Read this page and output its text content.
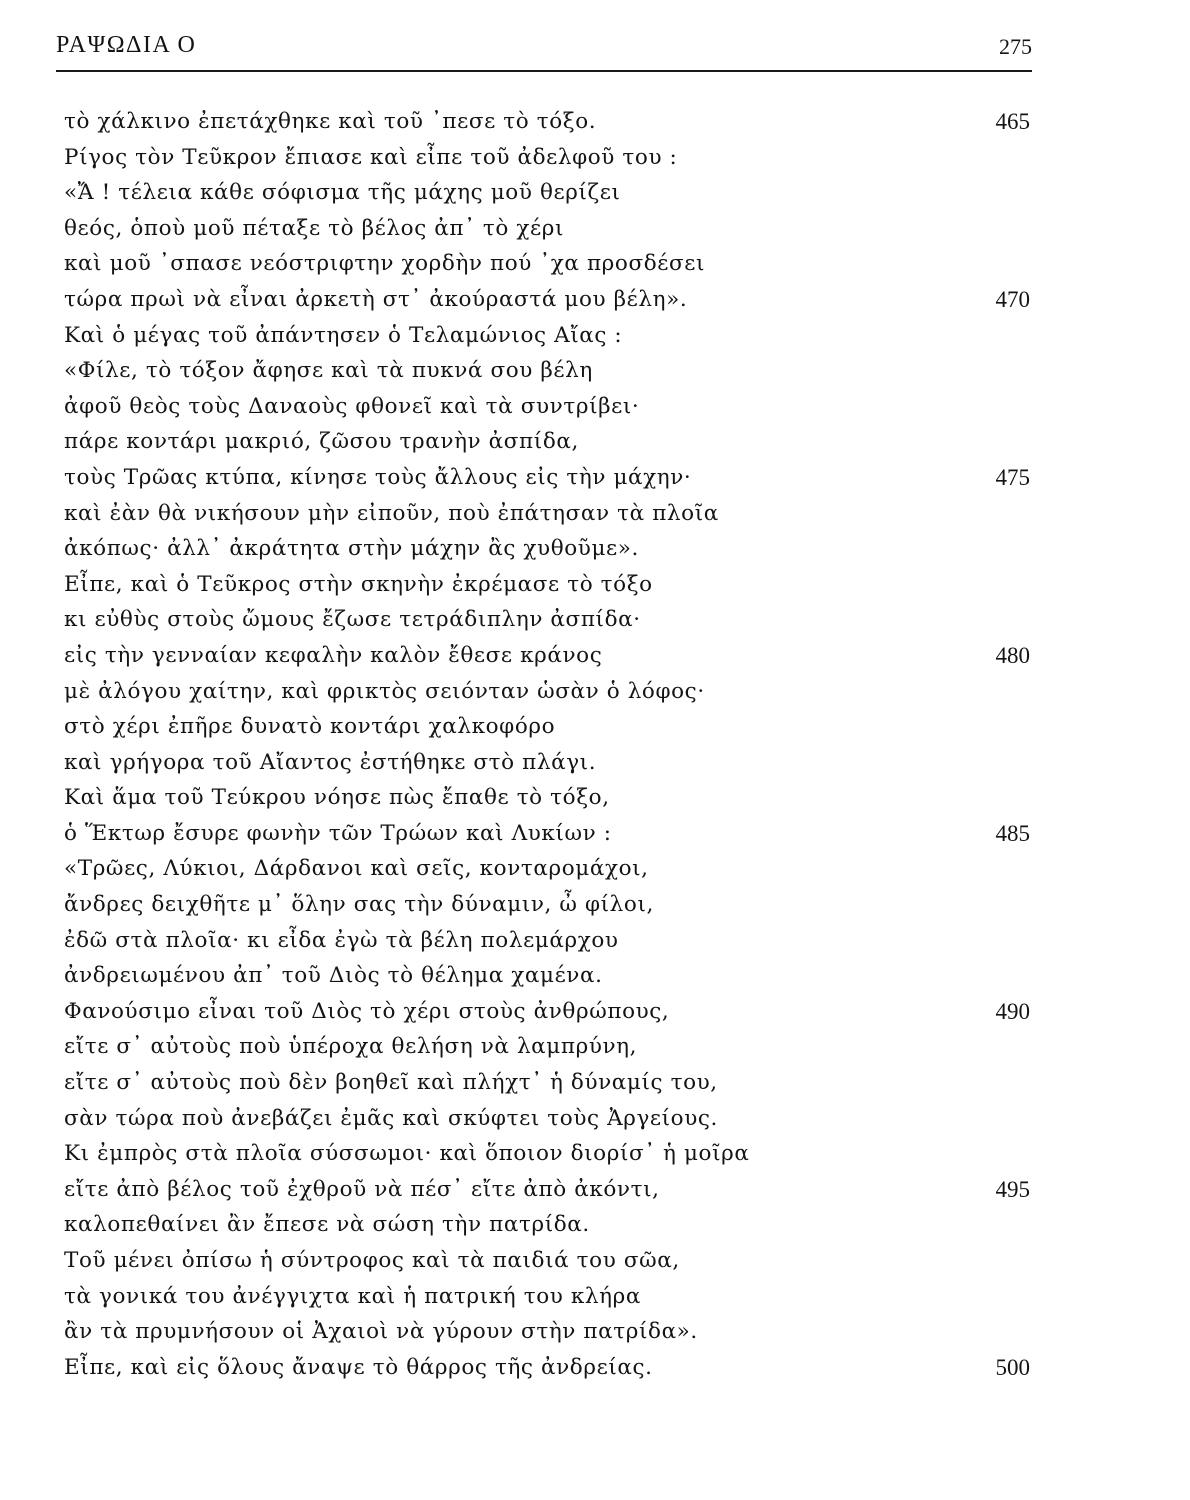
ΡΑΨΩΔΙΑ Ο	275
τὸ χάλκινο ἐπετάχθηκε καὶ τοῦ ᾽πεσε τὸ τόξο.	465
Ρίγος τὸν Τεῦκρον ἔπιασε καὶ εἶπε τοῦ ἀδελφοῦ του :
«Ἄ ! τέλεια κάθε σόφισμα τῆς μάχης μοῦ θερίζει
θεός, ὁποὺ μοῦ πέταξε τὸ βέλος ἀπ᾽ τὸ χέρι
καὶ μοῦ ᾽σπασε νεόστριφτην χορδὴν πού ᾽χα προσδέσει
τώρα πρωὶ νὰ εἶναι ἀρκετὴ στ᾽ ἀκούραστά μου βέλη».	470
Καὶ ὁ μέγας τοῦ ἀπάντησεν ὁ Τελαμώνιος Αἴας :
«Φίλε, τὸ τόξον ἄφησε καὶ τὰ πυκνά σου βέλη
ἀφοῦ θεὸς τοὺς Δαναοὺς φθονεῖ καὶ τὰ συντρίβει·
πάρε κοντάρι μακριό, ζῶσου τρανὴν ἀσπίδα,
τοὺς Τρῶας κτύπα, κίνησε τοὺς ἄλλους εἰς τὴν μάχην·	475
καὶ ἐὰν θὰ νικήσουν μὴν εἰποῦν, ποὺ ἐπάτησαν τὰ πλοῖα
ἀκόπως· ἀλλ᾽ ἀκράτητα στὴν μάχην ἂς χυθοῦμε».
Εἶπε, καὶ ὁ Τεῦκρος στὴν σκηνὴν ἐκρέμασε τὸ τόξο
κι εὐθὺς στοὺς ὤμους ἔζωσε τετράδιπλην ἀσπίδα·
εἰς τὴν γενναίαν κεφαλὴν καλὸν ἔθεσε κράνος	480
μὲ ἀλόγου χαίτην, καὶ φρικτὸς σειόνταν ὡσὰν ὁ λόφος·
στὸ χέρι ἐπῆρε δυνατὸ κοντάρι χαλκοφόρο
καὶ γρήγορα τοῦ Αἴαντος ἐστήθηκε στὸ πλάγι.
Καὶ ἅμα τοῦ Τεύκρου νόησε πὼς ἔπαθε τὸ τόξο,
ὁ Ἕκτωρ ἔσυρε φωνὴν τῶν Τρώων καὶ Λυκίων :	485
«Τρῶες, Λύκιοι, Δάρδανοι καὶ σεῖς, κονταρομάχοι,
ἄνδρες δειχθῆτε μ᾽ ὅλην σας τὴν δύναμιν, ὦ φίλοι,
ἐδῶ στὰ πλοῖα· κι εἶδα ἐγὼ τὰ βέλη πολεμάρχου
ἀνδρειωμένου ἀπ᾽ τοῦ Διὸς τὸ θέλημα χαμένα.
Φανούσιμο εἶναι τοῦ Διὸς τὸ χέρι στοὺς ἀνθρώπους,	490
εἴτε σ᾽ αὐτοὺς ποὺ ὑπέροχα θελήση νὰ λαμπρύνη,
εἴτε σ᾽ αὐτοὺς ποὺ δὲν βοηθεῖ καὶ πλήχτ᾽ ἡ δύναμίς του,
σὰν τώρα ποὺ ἀνεβάζει ἐμᾶς καὶ σκύφτει τοὺς Ἀργείους.
Κι ἐμπρὸς στὰ πλοῖα σύσσωμοι· καὶ ὅποιον διορίσ᾽ ἡ μοῖρα
εἴτε ἀπὸ βέλος τοῦ ἐχθροῦ νὰ πέσ᾽ εἴτε ἀπὸ ἀκόντι,	495
καλοπεθαίνει ἂν ἔπεσε νὰ σώση τὴν πατρίδα.
Τοῦ μένει ὀπίσω ἡ σύντροφος καὶ τὰ παιδιά του σῶα,
τὰ γονικά του ἀνέγγιχτα καὶ ἡ πατρική του κλήρα
ἂν τὰ πρυμνήσουν οἱ Ἀχαιοὶ νὰ γύρουν στὴν πατρίδα».
Εἶπε, καὶ εἰς ὅλους ἄναψε τὸ θάρρος τῆς ἀνδρείας.	500
